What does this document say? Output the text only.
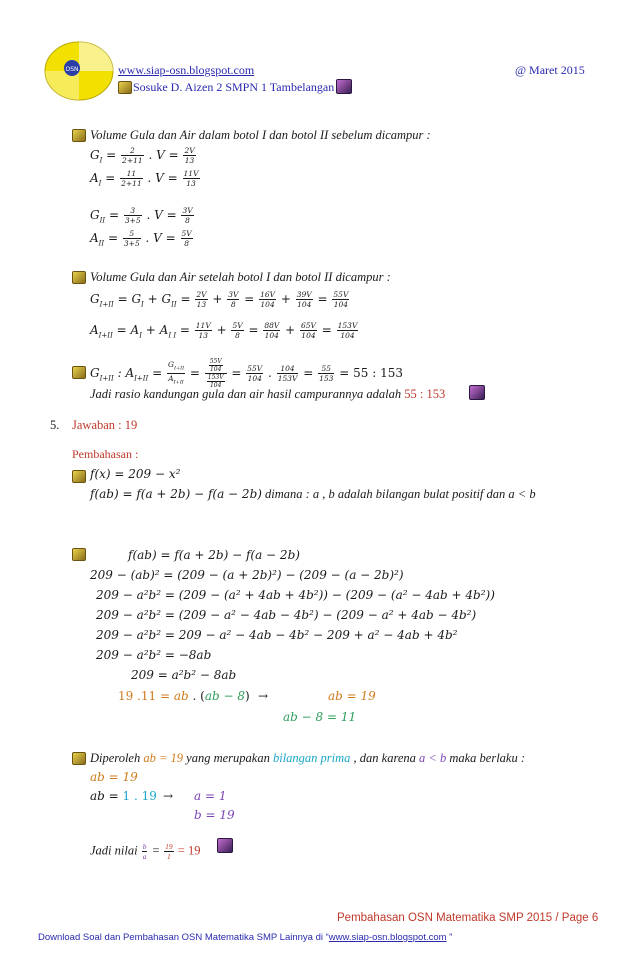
OSN	www.siap-osn.blogspot.com	@ Maret 2015
Sosuke D. Aizen 2 SMPN 1 Tambelangan
Volume Gula dan Air dalam botol I dan botol II sebelum dicampur :
$G_I = \frac{2}{2+11}$ . $V = \frac{2V}{13}$
$A_I = \frac{11}{2+11}$ . $V = \frac{11V}{13}$
$G_{II} = \frac{3}{3+5}$ . $V = \frac{3V}{8}$
$A_{II} = \frac{5}{3+5}$ . $V = \frac{5V}{8}$
Volume Gula dan Air setelah botol I dan botol II dicampur :
$G_{I+II} = G_I + G_{II} = \frac{2V}{13} + \frac{3V}{8} = \frac{16V}{104} + \frac{39V}{104} = \frac{55V}{104}$
$A_{I+II} = A_I + A_{I I} = \frac{11V}{13} + \frac{5V}{8} = \frac{88V}{104} + \frac{65V}{104} = \frac{153V}{104}$
$G_{I+II}$ : $A_{I+II} = \frac{G_{I+II}}{A_{I+II}} = \frac{\frac{55V}{104}}{\frac{153V}{104}} = \frac{55V}{104}$ . $\frac{104}{153V} = \frac{55}{153} = 55$ : 153
Jadi rasio kandungan gula dan air hasil campurannya adalah 55 : 153
5. Jawaban : 19
Pembahasan :
f(x) = 209 − x²
f(ab) = f(a + 2b) − f(a − 2b) dimana : a , b adalah bilangan bulat positif dan a < b
f(ab) = f(a + 2b) − f(a − 2b)
209 − (ab)² = (209 − (a + 2b)²) − (209 − (a − 2b)²)
209 − a²b² = (209 − (a² + 4ab + 4b²)) − (209 − (a² − 4ab + 4b²))
209 − a²b² = (209 − a² − 4ab − 4b²) − (209 − a² + 4ab − 4b²)
209 − a²b² = 209 − a² − 4ab − 4b² − 209 + a² − 4ab + 4b²
209 − a²b² = −8ab
209 = a²b² − 8ab
19 .11 = ab . (ab − 8) →	ab = 19
ab − 8 = 11
Diperoleh ab = 19 yang merupakan bilangan prima , dan karena a < b maka berlaku :
ab = 19
ab = 1 . 19 → a = 1
b = 19
Jadi nilai $\frac{b}{a} = \frac{19}{1} = 19$
Pembahasan OSN Matematika SMP 2015 / Page 6
Download Soal dan Pembahasan OSN Matematika SMP Lainnya di “www.siap-osn.blogspot.com ”
